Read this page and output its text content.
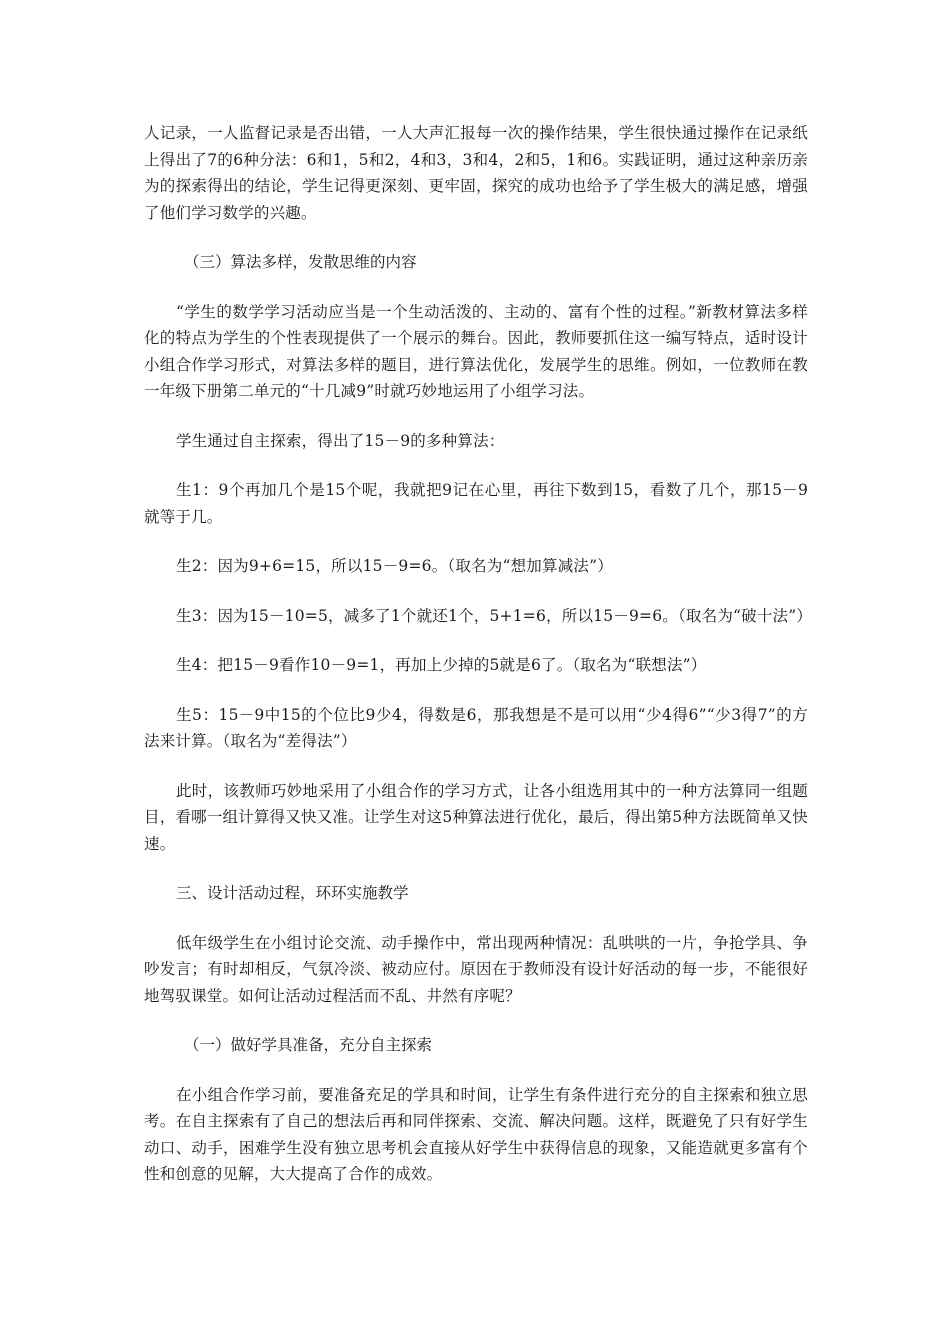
人记录，一人监督记录是否出错，一人大声汇报每一次的操作结果，学生很快通过操作在记录纸上得出了7的6种分法：6和1，5和2，4和3，3和4，2和5，1和6。实践证明，通过这种亲历亲为的探索得出的结论，学生记得更深刻、更牢固，探究的成功也给予了学生极大的满足感，增强了他们学习数学的兴趣。

（三）算法多样，发散思维的内容

“学生的数学学习活动应当是一个生动活泼的、主动的、富有个性的过程。”新教材算法多样化的特点为学生的个性表现提供了一个展示的舞台。因此，教师要抓住这一编写特点，适时设计小组合作学习形式，对算法多样的题目，进行算法优化，发展学生的思维。例如，一位教师在教一年级下册第二单元的“十几减9”时就巧妙地运用了小组学习法。

学生通过自主探索，得出了15－9的多种算法：

生1：9个再加几个是15个呢，我就把9记在心里，再往下数到15，看数了几个，那15－9就等于几。

生2：因为9+6=15，所以15－9=6。（取名为“想加算减法”）

生3：因为15－10=5，减多了1个就还1个，5+1=6，所以15－9=6。（取名为“破十法”）

生4：把15－9看作10－9=1，再加上少掉的5就是6了。（取名为“联想法”）

生5：15－9中15的个位比9少4，得数是6，那我想是不是可以用“少4得6”“少3得7”的方法来计算。（取名为“差得法”）

此时，该教师巧妙地采用了小组合作的学习方式，让各小组选用其中的一种方法算同一组题目，看哪一组计算得又快又准。让学生对这5种算法进行优化，最后，得出第5种方法既简单又快速。

三、设计活动过程，环环实施教学

低年级学生在小组讨论交流、动手操作中，常出现两种情况：乱哄哄的一片，争抢学具、争吵发言；有时却相反，气氛冷淡、被动应付。原因在于教师没有设计好活动的每一步，不能很好地驾驭课堂。如何让活动过程活而不乱、井然有序呢？

（一）做好学具准备，充分自主探索

在小组合作学习前，要准备充足的学具和时间，让学生有条件进行充分的自主探索和独立思考。在自主探索有了自己的想法后再和同伴探索、交流、解决问题。这样，既避免了只有好学生动口、动手，困难学生没有独立思考机会直接从好学生中获得信息的现象，又能造就更多富有个性和创意的见解，大大提高了合作的成效。
